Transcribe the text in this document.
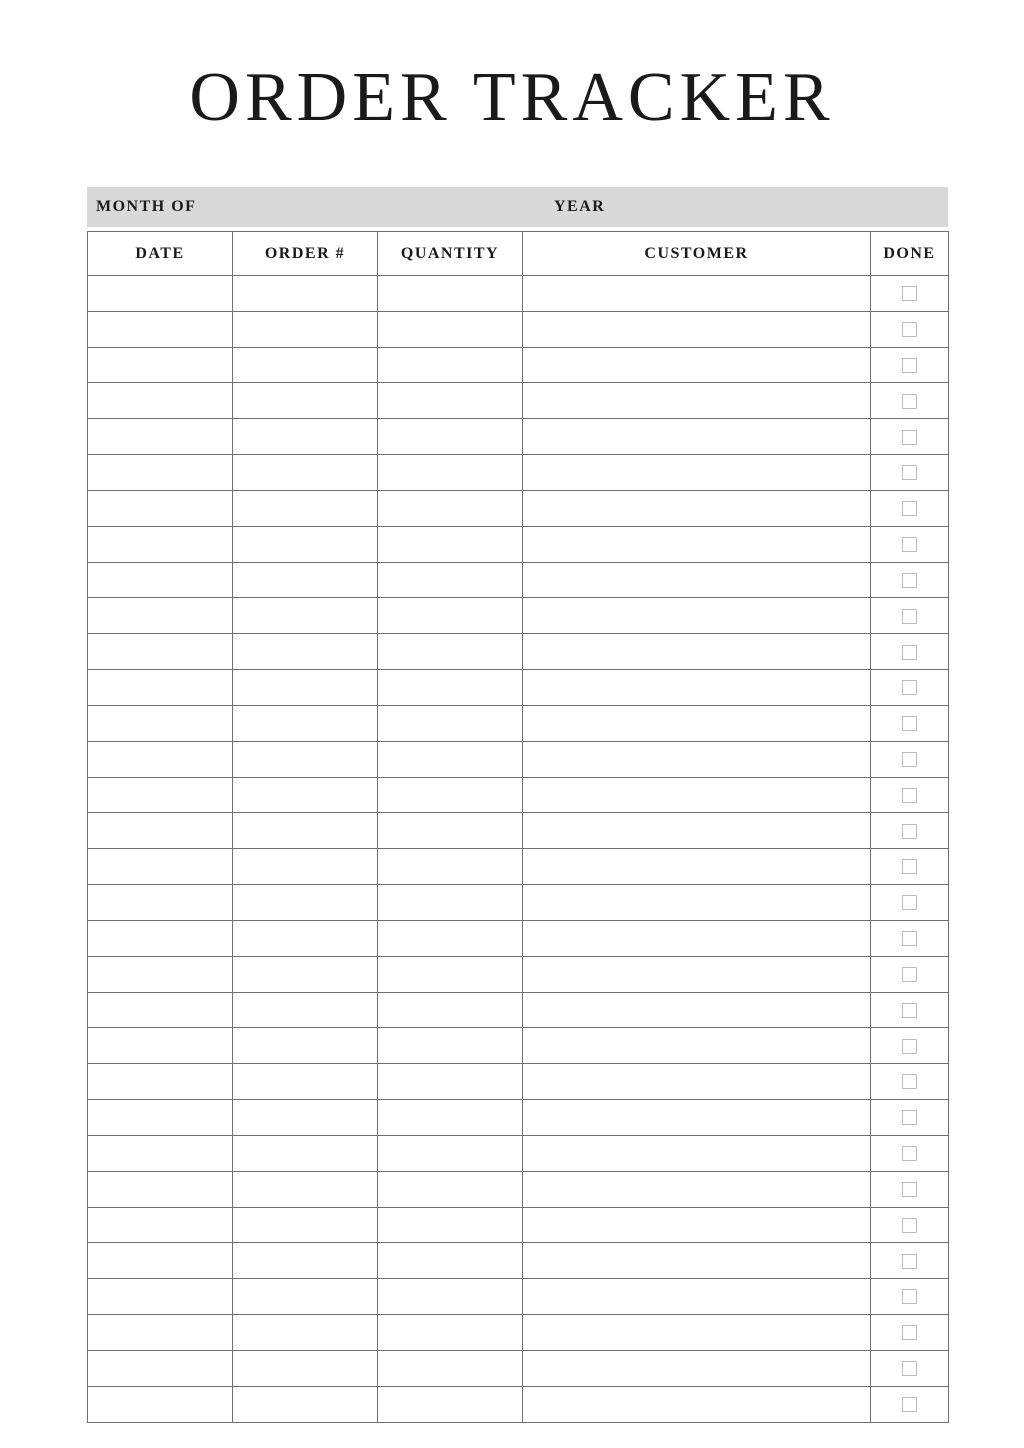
ORDER TRACKER
MONTH OF	YEAR
DATE	ORDER #	QUANTITY	CUSTOMER	DONE
